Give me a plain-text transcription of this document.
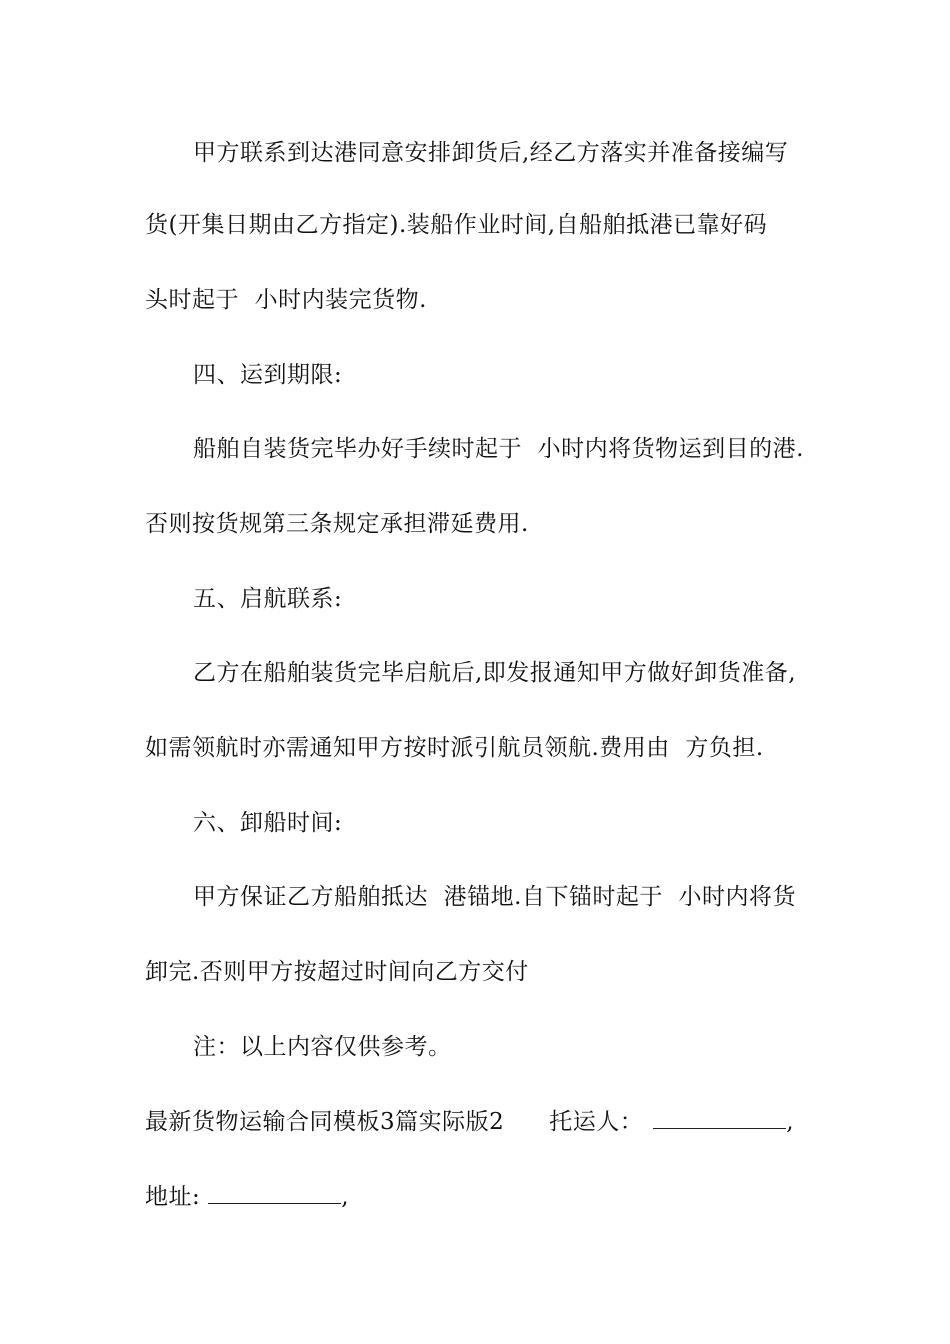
甲方联系到达港同意安排卸货后,经乙方落实并准备接编写
货(开集日期由乙方指定).装船作业时间,自船舶抵港已靠好码
头时起于  小时内装完货物.
四、运到期限:
船舶自装货完毕办好手续时起于  小时内将货物运到目的港.
否则按货规第三条规定承担滞延费用.
五、启航联系:
乙方在船舶装货完毕启航后,即发报通知甲方做好卸货准备,
如需领航时亦需通知甲方按时派引航员领航.费用由  方负担.
六、卸船时间:
甲方保证乙方船舶抵达  港锚地.自下锚时起于  小时内将货
卸完.否则甲方按超过时间向乙方交付
注：以上内容仅供参考。
最新货物运输合同模板3篇实际版2 托运人：	,
地址:	,
